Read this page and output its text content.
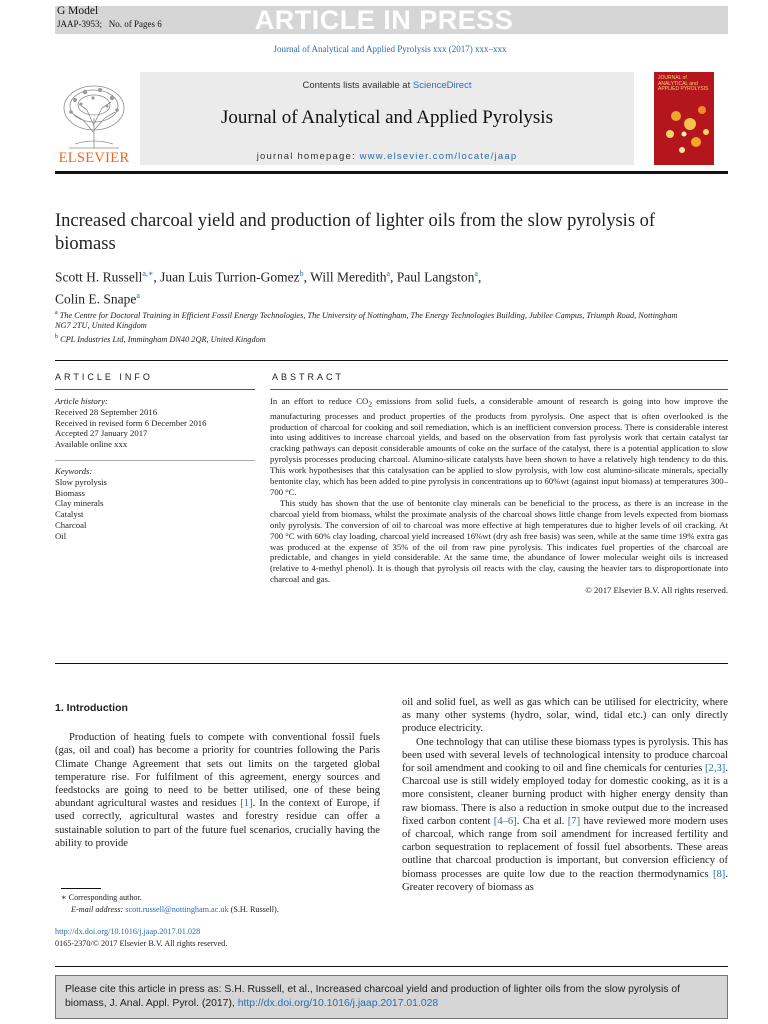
G Model
JAAP-3953; No. of Pages 6	ARTICLE IN PRESS
Journal of Analytical and Applied Pyrolysis xxx (2017) xxx–xxx
ELSEVIER
Contents lists available at ScienceDirect
Journal of Analytical and Applied Pyrolysis
journal homepage: www.elsevier.com/locate/jaap
JOURNAL of ANALYTICAL and APPLIED PYROLYSIS
Increased charcoal yield and production of lighter oils from the slow pyrolysis of biomass
Scott H. Russell$^{a,∗}$, Juan Luis Turrion-Gomez$^b$, Will Meredith$^a$, Paul Langston$^a$,
Colin E. Snape$^a$
$^a$ The Centre for Doctoral Training in Efficient Fossil Energy Technologies, The University of Nottingham, The Energy Technologies Building, Jubilee Campus, Triumph Road, Nottingham NG7 2TU, United Kingdom
$^b$ CPL Industries Ltd, Immingham DN40 2QR, United Kingdom
ARTICLE INFO	ABSTRACT
Article history:
Received 28 September 2016
Received in revised form 6 December 2016
Accepted 27 January 2017
Available online xxx
Keywords:
Slow pyrolysis
Biomass
Clay minerals
Catalyst
Charcoal
Oil

In an effort to reduce $CO_2$ emissions from solid fuels, a considerable amount of research is going into how improve the manufacturing processes and product properties of the products from pyrolysis. One aspect that is often overlooked is the production of charcoal for cooking and soil remediation, which is an inefficient conversion process. There is considerable interest into using additives to increase charcoal yields, and based on the observation from fast pyrolysis work that certain catalyst tar cracking pathways can deposit considerable amounts of coke on the surface of the catalyst, there is a potential application to slow pyrolysis processes producing charcoal. Alumino-silicate catalysts have been shown to have a relatively high tendency to do this. This work hypothesises that this catalysation can be applied to slow pyrolysis, with low cost alumino-silicate minerals, specially bentonite clay, which has been added to pine pyrolysis in concentrations up to 60%wt (against input biomass) at temperatures 300–700 °C.

This study has shown that the use of bentonite clay minerals can be beneficial to the process, as there is an increase in the charcoal yield from biomass, whilst the proximate analysis of the charcoal shows little change from levels expected from biomass only pyrolysis. The conversion of oil to charcoal was more effective at high temperatures due to higher levels of oil cracking. At 700 °C with 60% clay loading, charcoal yield increased 16%wt (dry ash free basis) was seen, while at the same time 19% extra gas was produced at the expense of 35% of the oil from raw pine pyrolysis. This indicates fuel properties of the charcoal are predictable, and changes in yield considerable. At the same time, the abundance of lower molecular weight oils is increased (relative to 4-methyl phenol). It is though that pyrolysis oil reacts with the clay, causing the heavier tars to disproportionate into charcoal and gas.

© 2017 Elsevier B.V. All rights reserved.

1. Introduction

Production of heating fuels to compete with conventional fossil fuels (gas, oil and coal) has become a priority for countries following the Paris Climate Change Agreement that sets out limits on the targeted global temperature rise. For fulfilment of this agreement, energy sources and feedstocks are going to need to be better utilised, one of these being abundant agricultural wastes and residues [1]. In the context of Europe, if used correctly, agricultural wastes and forestry residue can offer a sustainable solution to part of the future fuel scenarios, crucially having the ability to provide

oil and solid fuel, as well as gas which can be utilised for electricity, where as many other systems (hydro, solar, wind, tidal etc.) can only directly produce electricity.

One technology that can utilise these biomass types is pyrolysis. This has been used with several levels of technological intensity to produce charcoal for soil amendment and cooking to oil and fine chemicals for centuries [2,3]. Charcoal use is still widely employed today for domestic cooking, as it is a more consistent, cleaner burning product with higher energy density than raw biomass. There is also a reduction in smoke output due to the increased fixed carbon content [4–6]. Cha et al. [7] have reviewed more modern uses of charcoal, which range from soil amendment for increased fertility and carbon sequestration to replacement of fossil fuel absorbents. These areas outline that charcoal production is important, but conversion efficiency of biomass processes are quite low due to the reaction thermodynamics [8]. Greater recovery of biomass as

∗ Corresponding author.
E-mail address: scott.russell@nottingham.ac.uk (S.H. Russell).
http://dx.doi.org/10.1016/j.jaap.2017.01.028
0165-2370/© 2017 Elsevier B.V. All rights reserved.
Please cite this article in press as: S.H. Russell, et al., Increased charcoal yield and production of lighter oils from the slow pyrolysis of biomass, J. Anal. Appl. Pyrol. (2017), http://dx.doi.org/10.1016/j.jaap.2017.01.028
